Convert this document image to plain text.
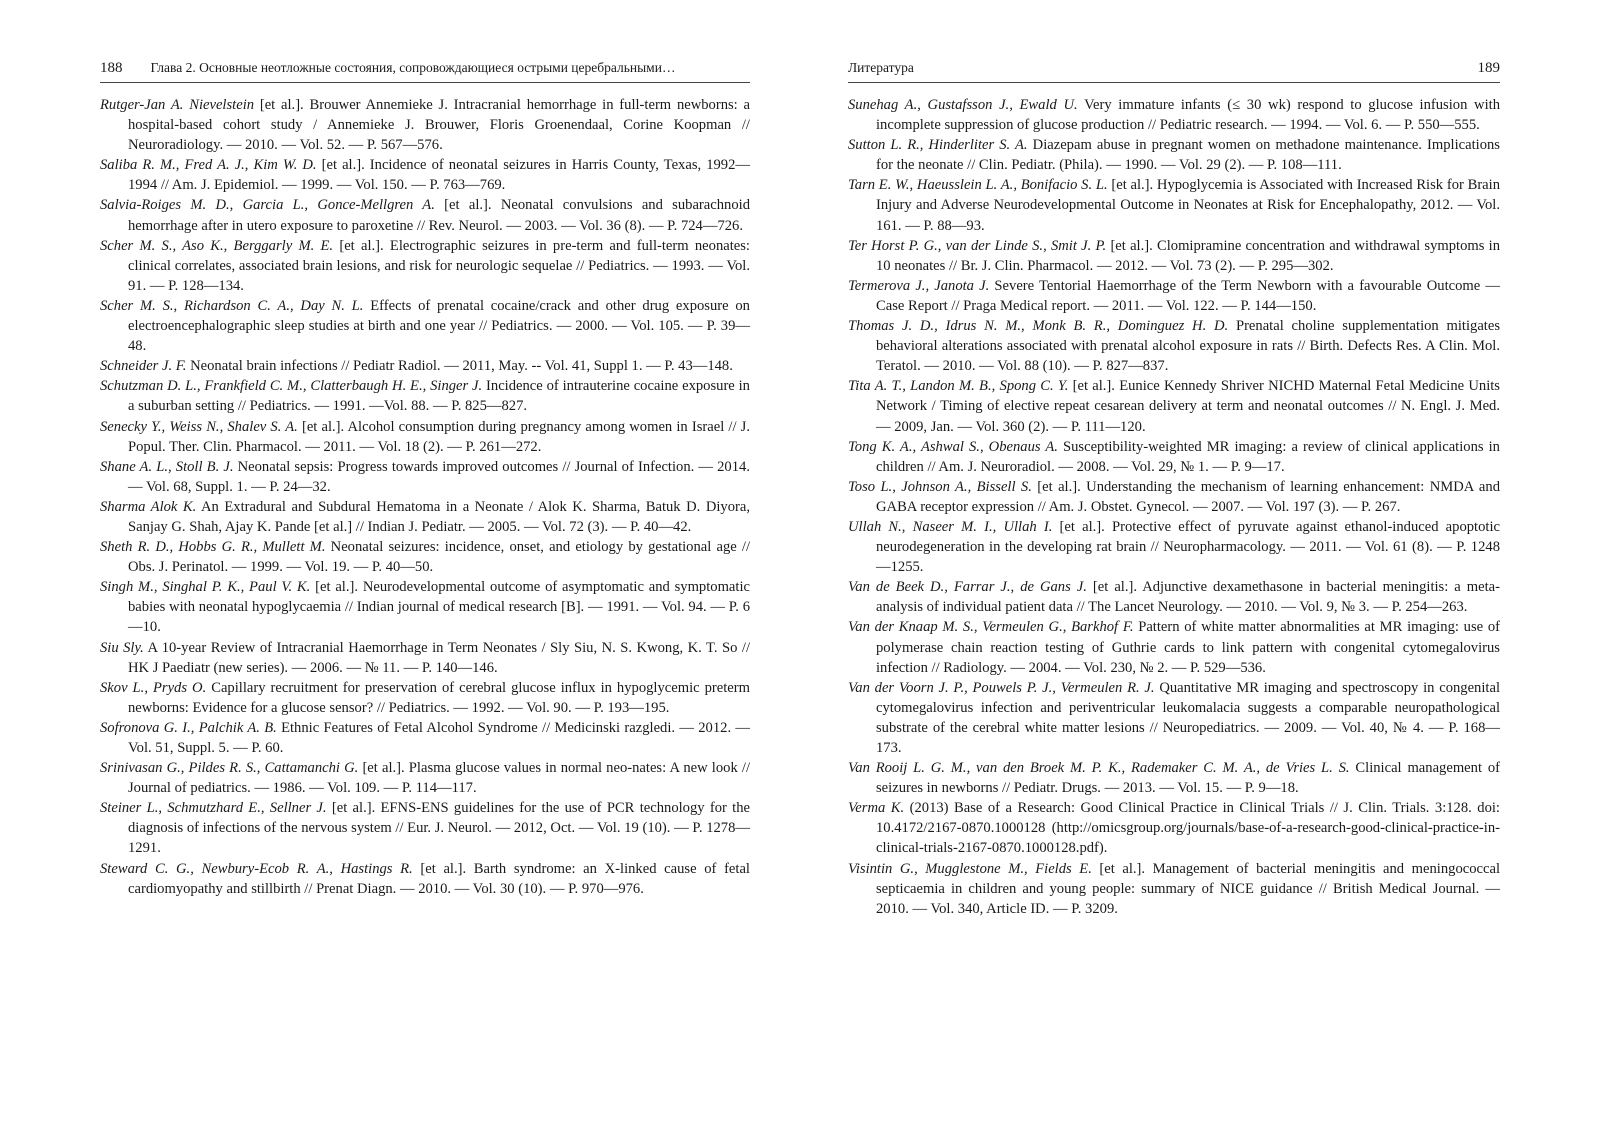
188 Глава 2. Основные неотложные состояния, сопровождающиеся острыми церебральными…
Rutger-Jan A. Nievelstein [et al.]. Brouwer Annemieke J. Intracranial hemorrhage in full-term newborns: a hospital-based cohort study / Annemieke J. Brouwer, Floris Groenendaal, Corine Koopman // Neuroradiology. — 2010. — Vol. 52. — P. 567—576.
Saliba R. M., Fred A. J., Kim W. D. [et al.]. Incidence of neonatal seizures in Harris County, Texas, 1992—1994 // Am. J. Epidemiol. — 1999. — Vol. 150. — P. 763—769.
Salvia-Roiges M. D., Garcia L., Gonce-Mellgren A. [et al.]. Neonatal convulsions and subarachnoid hemorrhage after in utero exposure to paroxetine // Rev. Neurol. — 2003. — Vol. 36 (8). — P. 724—726.
Scher M. S., Aso K., Berggarly M. E. [et al.]. Electrographic seizures in pre-term and full-term neonates: clinical correlates, associated brain lesions, and risk for neurologic sequelae // Pediatrics. — 1993. — Vol. 91. — P. 128—134.
Scher M. S., Richardson C. A., Day N. L. Effects of prenatal cocaine/crack and other drug exposure on electroencephalographic sleep studies at birth and one year // Pediatrics. — 2000. — Vol. 105. — P. 39—48.
Schneider J. F. Neonatal brain infections // Pediatr Radiol. — 2011, May. -- Vol. 41, Suppl 1. — P. 43—148.
Schutzman D. L., Frankfield C. M., Clatterbaugh H. E., Singer J. Incidence of intrauterine cocaine exposure in a suburban setting // Pediatrics. — 1991. —Vol. 88. — P. 825—827.
Senecky Y., Weiss N., Shalev S. A. [et al.]. Alcohol consumption during pregnancy among women in Israel // J. Popul. Ther. Clin. Pharmacol. — 2011. — Vol. 18 (2). — P. 261—272.
Shane A. L., Stoll B. J. Neonatal sepsis: Progress towards improved outcomes // Journal of Infection. — 2014. — Vol. 68, Suppl. 1. — P. 24—32.
Sharma Alok K. An Extradural and Subdural Hematoma in a Neonate / Alok K. Sharma, Batuk D. Diyora, Sanjay G. Shah, Ajay K. Pande [et al.] // Indian J. Pediatr. — 2005. — Vol. 72 (3). — P. 40—42.
Sheth R. D., Hobbs G. R., Mullett M. Neonatal seizures: incidence, onset, and etiology by gestational age // Obs. J. Perinatol. — 1999. — Vol. 19. — P. 40—50.
Singh M., Singhal P. K., Paul V. K. [et al.]. Neurodevelopmental outcome of asymptomatic and symptomatic babies with neonatal hypoglycaemia // Indian journal of medical research [B]. — 1991. — Vol. 94. — P. 6—10.
Siu Sly. A 10-year Review of Intracranial Haemorrhage in Term Neonates / Sly Siu, N. S. Kwong, K. T. So // HK J Paediatr (new series). — 2006. — № 11. — P. 140—146.
Skov L., Pryds O. Capillary recruitment for preservation of cerebral glucose influx in hypoglycemic preterm newborns: Evidence for a glucose sensor? // Pediatrics. — 1992. — Vol. 90. — P. 193—195.
Sofronova G. I., Palchik A. B. Ethnic Features of Fetal Alcohol Syndrome // Medicinski razgledi. — 2012. — Vol. 51, Suppl. 5. — P. 60.
Srinivasan G., Pildes R. S., Cattamanchi G. [et al.]. Plasma glucose values in normal neo-nates: A new look // Journal of pediatrics. — 1986. — Vol. 109. — P. 114—117.
Steiner L., Schmutzhard E., Sellner J. [et al.]. EFNS-ENS guidelines for the use of PCR technology for the diagnosis of infections of the nervous system // Eur. J. Neurol. — 2012, Oct. — Vol. 19 (10). — P. 1278—1291.
Steward C. G., Newbury-Ecob R. A., Hastings R. [et al.]. Barth syndrome: an X-linked cause of fetal cardiomyopathy and stillbirth // Prenat Diagn. — 2010. — Vol. 30 (10). — P. 970—976.
Литература	189
Sunehag A., Gustafsson J., Ewald U. Very immature infants (≤ 30 wk) respond to glucose infusion with incomplete suppression of glucose production // Pediatric research. — 1994. — Vol. 6. — P. 550—555.
Sutton L. R., Hinderliter S. A. Diazepam abuse in pregnant women on methadone maintenance. Implications for the neonate // Clin. Pediatr. (Phila). — 1990. — Vol. 29 (2). — P. 108—111.
Tarn E. W., Haeusslein L. A., Bonifacio S. L. [et al.]. Hypoglycemia is Associated with Increased Risk for Brain Injury and Adverse Neurodevelopmental Outcome in Neonates at Risk for Encephalopathy, 2012. — Vol. 161. — P. 88—93.
Ter Horst P. G., van der Linde S., Smit J. P. [et al.]. Clomipramine concentration and withdrawal symptoms in 10 neonates // Br. J. Clin. Pharmacol. — 2012. — Vol. 73 (2). — P. 295—302.
Termerova J., Janota J. Severe Tentorial Haemorrhage of the Term Newborn with a favourable Outcome — Case Report // Praga Medical report. — 2011. — Vol. 122. — P. 144—150.
Thomas J. D., Idrus N. M., Monk B. R., Dominguez H. D. Prenatal choline supplementation mitigates behavioral alterations associated with prenatal alcohol exposure in rats // Birth. Defects Res. A Clin. Mol. Teratol. — 2010. — Vol. 88 (10). — P. 827—837.
Tita A. T., Landon M. B., Spong C. Y. [et al.]. Eunice Kennedy Shriver NICHD Maternal Fetal Medicine Units Network / Timing of elective repeat cesarean delivery at term and neonatal outcomes // N. Engl. J. Med. — 2009, Jan. — Vol. 360 (2). — P. 111—120.
Tong K. A., Ashwal S., Obenaus A. Susceptibility-weighted MR imaging: a review of clinical applications in children // Am. J. Neuroradiol. — 2008. — Vol. 29, № 1. — P. 9—17.
Toso L., Johnson A., Bissell S. [et al.]. Understanding the mechanism of learning enhancement: NMDA and GABA receptor expression // Am. J. Obstet. Gynecol. — 2007. — Vol. 197 (3). — P. 267.
Ullah N., Naseer M. I., Ullah I. [et al.]. Protective effect of pyruvate against ethanol-induced apoptotic neurodegeneration in the developing rat brain // Neuropharmacology. — 2011. — Vol. 61 (8). — P. 1248—1255.
Van de Beek D., Farrar J., de Gans J. [et al.]. Adjunctive dexamethasone in bacterial meningitis: a meta-analysis of individual patient data // The Lancet Neurology. — 2010. — Vol. 9, № 3. — P. 254—263.
Van der Knaap M. S., Vermeulen G., Barkhof F. Pattern of white matter abnormalities at MR imaging: use of polymerase chain reaction testing of Guthrie cards to link pattern with congenital cytomegalovirus infection // Radiology. — 2004. — Vol. 230, № 2. — P. 529—536.
Van der Voorn J. P., Pouwels P. J., Vermeulen R. J. Quantitative MR imaging and spectroscopy in congenital cytomegalovirus infection and periventricular leukomalacia suggests a comparable neuropathological substrate of the cerebral white matter lesions // Neuropediatrics. — 2009. — Vol. 40, № 4. — P. 168—173.
Van Rooij L. G. M., van den Broek M. P. K., Rademaker C. M. A., de Vries L. S. Clinical management of seizures in newborns // Pediatr. Drugs. — 2013. — Vol. 15. — P. 9—18.
Verma K. (2013) Base of a Research: Good Clinical Practice in Clinical Trials // J. Clin. Trials. 3:128. doi: 10.4172/2167-0870.1000128 (http://omicsgroup.org/journals/base-of-a-research-good-clinical-practice-in-clinical-trials-2167-0870.1000128.pdf).
Visintin G., Mugglestone M., Fields E. [et al.]. Management of bacterial meningitis and meningococcal septicaemia in children and young people: summary of NICE guidance // British Medical Journal. — 2010. — Vol. 340, Article ID. — P. 3209.
